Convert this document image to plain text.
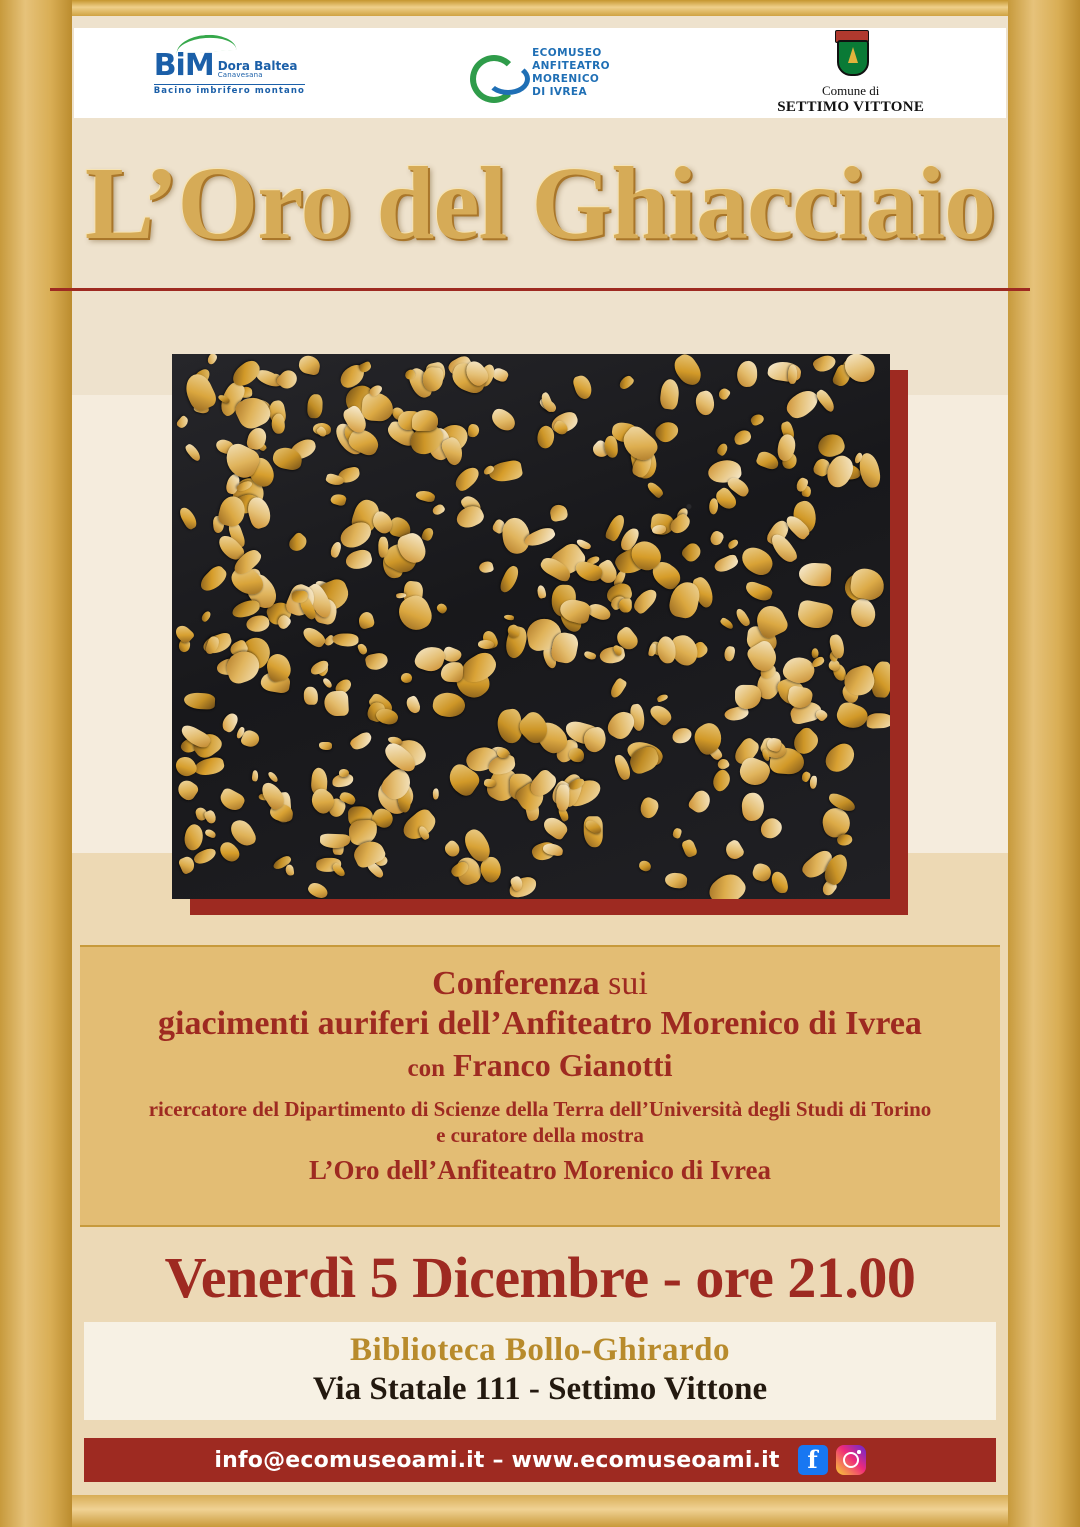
BiM Dora Baltea
Canavesana
Bacino imbrifero montano
ECOMUSEO
ANFITEATRO
MORENICO
DI IVREA	Comune di
SETTIMO VITTONE
L’Oro del Ghiacciaio
Conferenza sui
giacimenti auriferi dell’Anfiteatro Morenico di Ivrea
con Franco Gianotti
ricercatore del Dipartimento di Scienze della Terra dell’Università degli Studi di Torino
e curatore della mostra
L’Oro dell’Anfiteatro Morenico di Ivrea
Venerdì 5 Dicembre - ore 21.00
Biblioteca Bollo-Ghirardo
Via Statale 111 - Settimo Vittone
info@ecomuseoami.it – www.ecomuseoami.it	f
